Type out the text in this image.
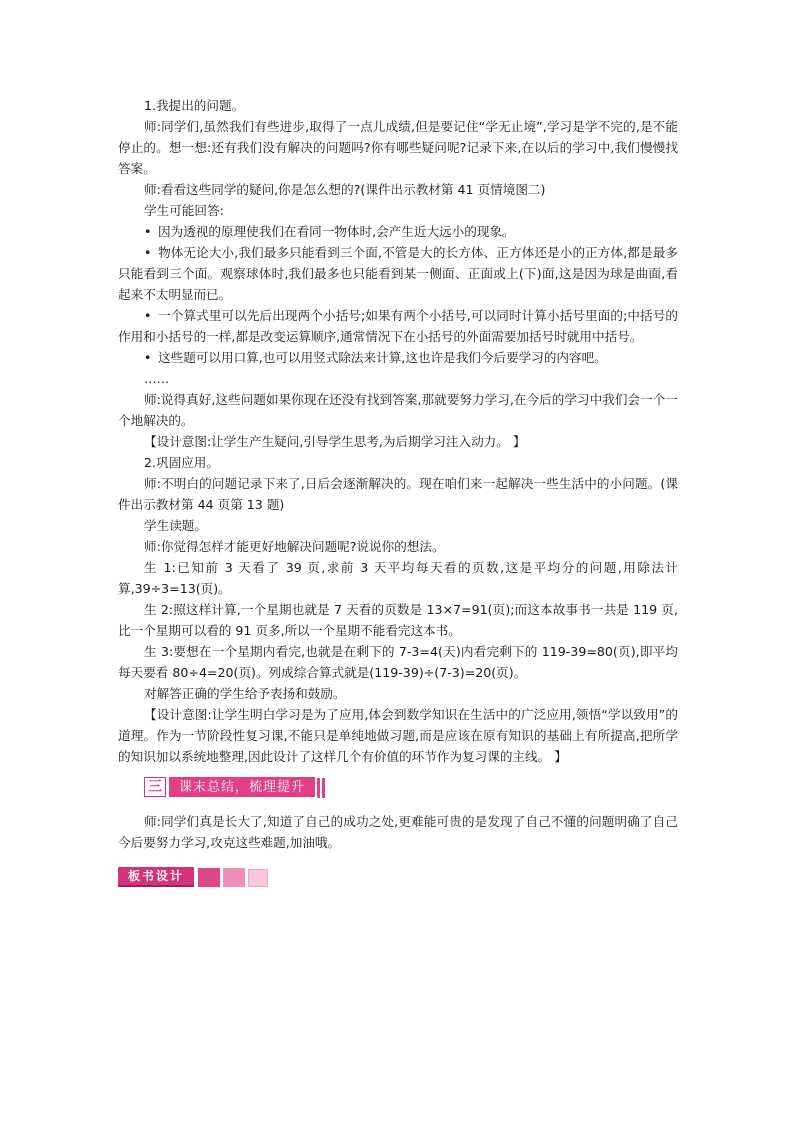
1.我提出的问题。

师:同学们,虽然我们有些进步,取得了一点儿成绩,但是要记住“学无止境”,学习是学不完的,是不能停止的。想一想:还有我们没有解决的问题吗?你有哪些疑问呢?记录下来,在以后的学习中,我们慢慢找答案。

师:看看这些同学的疑问,你是怎么想的?(课件出示教材第 41 页情境图二)

学生可能回答:

• 因为透视的原理使我们在看同一物体时,会产生近大远小的现象。

• 物体无论大小,我们最多只能看到三个面,不管是大的长方体、正方体还是小的正方体,都是最多只能看到三个面。观察球体时,我们最多也只能看到某一侧面、正面或上(下)面,这是因为球是曲面,看起来不太明显而已。

• 一个算式里可以先后出现两个小括号;如果有两个小括号,可以同时计算小括号里面的;中括号的作用和小括号的一样,都是改变运算顺序,通常情况下在小括号的外面需要加括号时就用中括号。

• 这些题可以用口算,也可以用竖式除法来计算,这也许是我们今后要学习的内容吧。

……

师:说得真好,这些问题如果你现在还没有找到答案,那就要努力学习,在今后的学习中我们会一个一个地解决的。

【设计意图:让学生产生疑问,引导学生思考,为后期学习注入动力。 】

2.巩固应用。

师:不明白的问题记录下来了,日后会逐渐解决的。现在咱们来一起解决一些生活中的小问题。(课件出示教材第 44 页第 13 题)

学生读题。

师:你觉得怎样才能更好地解决问题呢?说说你的想法。

生 1:已知前 3 天看了 39 页,求前 3 天平均每天看的页数,这是平均分的问题,用除法计算,39÷3=13(页)。

生 2:照这样计算,一个星期也就是 7 天看的页数是 13×7=91(页);而这本故事书一共是 119 页,比一个星期可以看的 91 页多,所以一个星期不能看完这本书。

生 3:要想在一个星期内看完,也就是在剩下的 7-3=4(天)内看完剩下的 119-39=80(页),即平均每天要看 80÷4=20(页)。列成综合算式就是(119-39)÷(7-3)=20(页)。

对解答正确的学生给予表扬和鼓励。

【设计意图:让学生明白学习是为了应用,体会到数学知识在生活中的广泛应用,领悟“学以致用”的道理。作为一节阶段性复习课,不能只是单纯地做习题,而是应该在原有知识的基础上有所提高,把所学的知识加以系统地整理,因此设计了这样几个有价值的环节作为复习课的主线。 】

三	课末总结，梳理提升

师:同学们真是长大了,知道了自己的成功之处,更难能可贵的是发现了自己不懂的问题明确了自己今后要努力学习,攻克这些难题,加油哦。

板书设计
